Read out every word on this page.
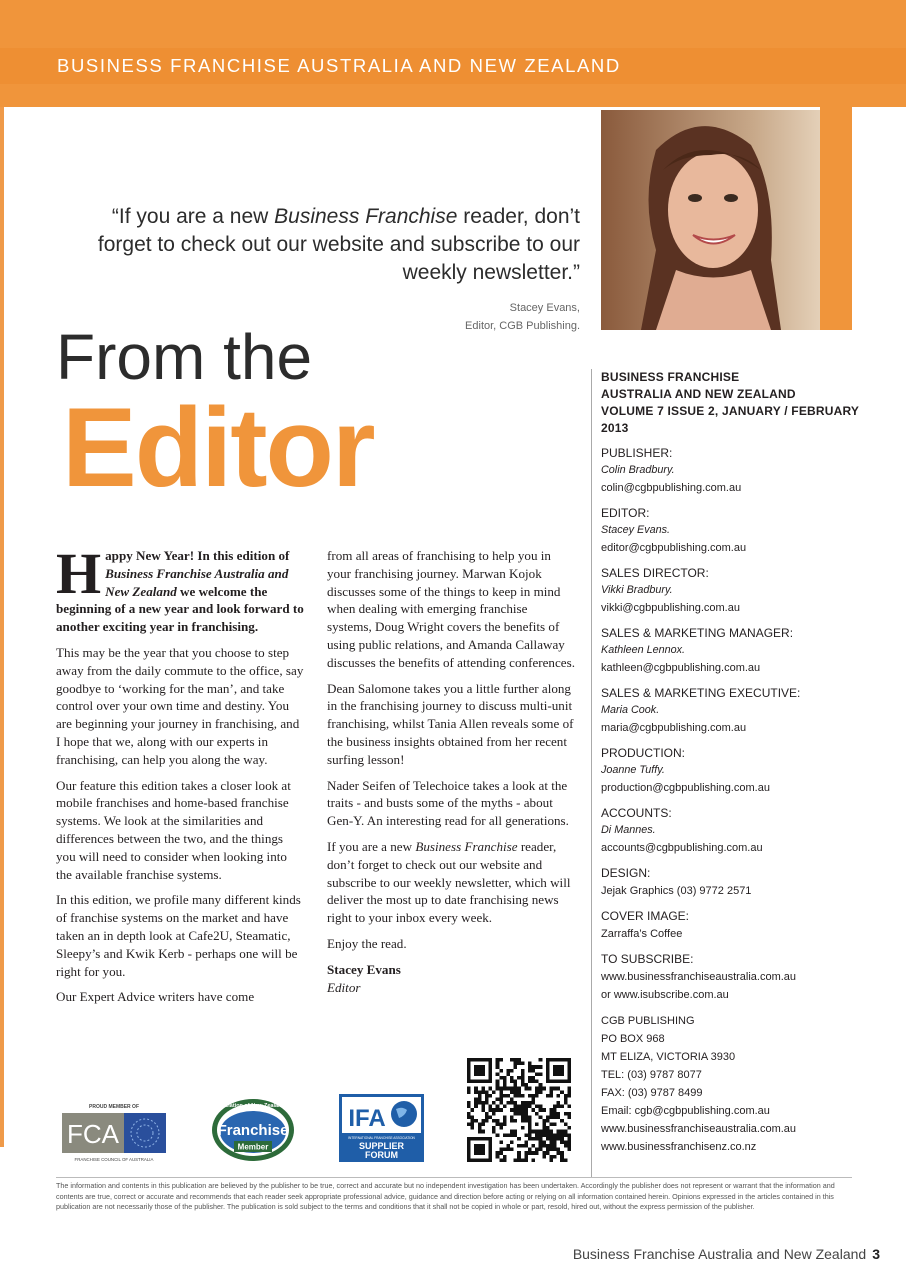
BUSINESS FRANCHISE AUSTRALIA AND NEW ZEALAND
“If you are a new Business Franchise reader, don’t forget to check out our website and subscribe to our weekly newsletter.”
Stacey Evans,
Editor, CGB Publishing.
From the
Editor

Happy New Year! In this edition of Business Franchise Australia and New Zealand we welcome the beginning of a new year and look forward to another exciting year in franchising.

This may be the year that you choose to step away from the daily commute to the office, say goodbye to ‘working for the man’, and take control over your own time and destiny. You are beginning your journey in franchising, and I hope that we, along with our experts in franchising, can help you along the way.

Our feature this edition takes a closer look at mobile franchises and home-based franchise systems. We look at the similarities and differences between the two, and the things you will need to consider when looking into the available franchise systems.

In this edition, we profile many different kinds of franchise systems on the market and have taken an in depth look at Cafe2U, Steamatic, Sleepy’s and Kwik Kerb - perhaps one will be right for you.

Our Expert Advice writers have come

from all areas of franchising to help you in your franchising journey. Marwan Kojok discusses some of the things to keep in mind when dealing with emerging franchise systems, Doug Wright covers the benefits of using public relations, and Amanda Callaway discusses the benefits of attending conferences.

Dean Salomone takes you a little further along in the franchising journey to discuss multi-unit franchising, whilst Tania Allen reveals some of the business insights obtained from her recent surfing lesson!

Nader Seifen of Telechoice takes a look at the traits - and busts some of the myths - about Gen-Y. An interesting read for all generations.

If you are a new Business Franchise reader, don’t forget to check out our website and subscribe to our weekly newsletter, which will deliver the most up to date franchising news right to your inbox every week.

Enjoy the read.

Stacey Evans
Editor
BUSINESS FRANCHISE
AUSTRALIA AND NEW ZEALAND
VOLUME 7 ISSUE 2, JANUARY / FEBRUARY 2013
PUBLISHER:
Colin Bradbury.
colin@cgbpublishing.com.au
EDITOR:
Stacey Evans.
editor@cgbpublishing.com.au
SALES DIRECTOR:
Vikki Bradbury.
vikki@cgbpublishing.com.au
SALES & MARKETING MANAGER:
Kathleen Lennox.
kathleen@cgbpublishing.com.au
SALES & MARKETING EXECUTIVE:
Maria Cook.
maria@cgbpublishing.com.au
PRODUCTION:
Joanne Tuffy.
production@cgbpublishing.com.au
ACCOUNTS:
Di Mannes.
accounts@cgbpublishing.com.au
DESIGN:
Jejak Graphics (03) 9772 2571
COVER IMAGE:
Zarraffa’s Coffee
TO SUBSCRIBE:
www.businessfranchiseaustralia.com.au
or www.isubscribe.com.au
CGB PUBLISHING
PO BOX 968
MT ELIZA, VICTORIA 3930
TEL: (03) 9787 8077
FAX: (03) 9787 8499
Email: cgb@cgbpublishing.com.au
www.businessfranchiseaustralia.com.au
www.businessfranchisenz.co.nz
PROUD MEMBER OF
FCA
FRANCHISE COUNCIL OF AUSTRALIA
Association of New Zealand Inc
Franchise
Member
IFA
INTERNATIONAL FRANCHISE ASSOCIATION
SUPPLIER
FORUM
The information and contents in this publication are believed by the publisher to be true, correct and accurate but no independent investigation has been undertaken. Accordingly the publisher does not represent or warrant that the information and contents are true, correct or accurate and recommends that each reader seek appropriate professional advice, guidance and direction before acting or relying on all information contained herein. Opinions expressed in the articles contained in this publication are not necessarily those of the publisher. The publication is sold subject to the terms and conditions that it shall not be copied in whole or part, resold, hired out, without the express permission of the publisher.
Business Franchise Australia and New Zealand 3
